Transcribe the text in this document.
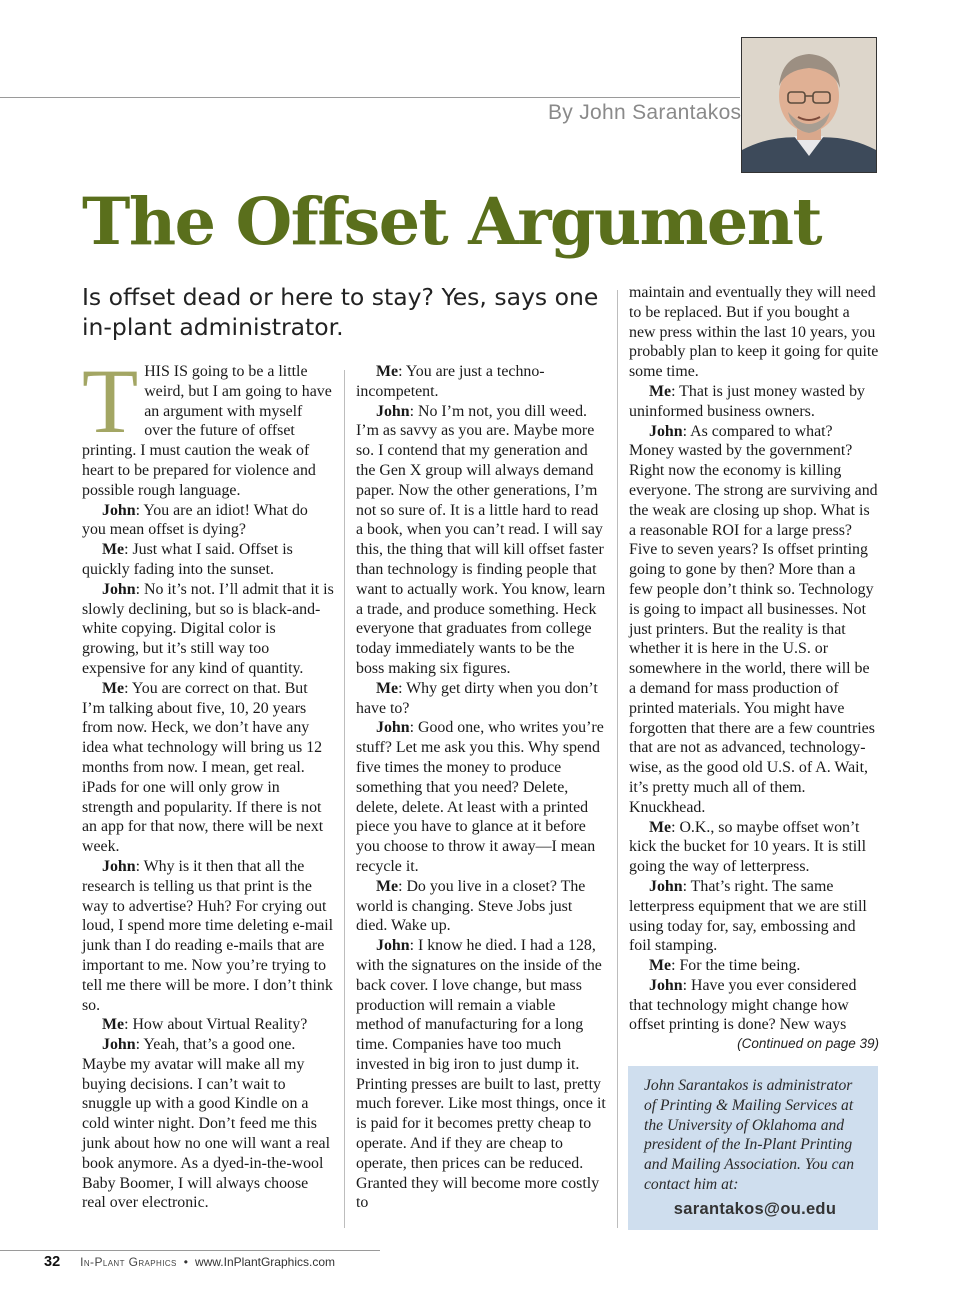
By John Sarantakos
The Offset Argument
Is offset dead or here to stay? Yes, says one in-plant administrator.

THIS IS going to be a little weird, but I am going to have an argument with myself over the future of offset printing. I must caution the weak of heart to be prepared for violence and possible rough language.

John: You are an idiot! What do you mean offset is dying?

Me: Just what I said. Offset is quickly fading into the sunset.

John: No it’s not. I’ll admit that it is slowly declining, but so is black-and-white copying. Digital color is growing, but it’s still way too expensive for any kind of quantity.

Me: You are correct on that. But I’m talking about five, 10, 20 years from now. Heck, we don’t have any idea what technology will bring us 12 months from now. I mean, get real. iPads for one will only grow in strength and popularity. If there is not an app for that now, there will be next week.

John: Why is it then that all the research is telling us that print is the way to advertise? Huh? For crying out loud, I spend more time deleting e-mail junk than I do reading e-mails that are important to me. Now you’re trying to tell me there will be more. I don’t think so.

Me: How about Virtual Reality?

John: Yeah, that’s a good one. Maybe my avatar will make all my buying decisions. I can’t wait to snuggle up with a good Kindle on a cold winter night. Don’t feed me this junk about how no one will want a real book anymore. As a dyed-in-the-wool Baby Boomer, I will always choose real over electronic.

Me: You are just a techno-incompetent.

John: No I’m not, you dill weed. I’m as savvy as you are. Maybe more so. I contend that my generation and the Gen X group will always demand paper. Now the other generations, I’m not so sure of. It is a little hard to read a book, when you can’t read. I will say this, the thing that will kill offset faster than technology is finding people that want to actually work. You know, learn a trade, and produce something. Heck everyone that graduates from college today immediately wants to be the boss making six figures.

Me: Why get dirty when you don’t have to?

John: Good one, who writes you’re stuff? Let me ask you this. Why spend five times the money to produce something that you need? Delete, delete, delete. At least with a printed piece you have to glance at it before you choose to throw it away—I mean recycle it.

Me: Do you live in a closet? The world is changing. Steve Jobs just died. Wake up.

John: I know he died. I had a 128, with the signatures on the inside of the back cover. I love change, but mass production will remain a viable method of manufacturing for a long time. Companies have too much invested in big iron to just dump it. Printing presses are built to last, pretty much forever. Like most things, once it is paid for it becomes pretty cheap to operate. And if they are cheap to operate, then prices can be reduced. Granted they will become more costly to

maintain and eventually they will need to be replaced. But if you bought a new press within the last 10 years, you probably plan to keep it going for quite some time.

Me: That is just money wasted by uninformed business owners.

John: As compared to what? Money wasted by the government? Right now the economy is killing everyone. The strong are surviving and the weak are closing up shop. What is a reasonable ROI for a large press? Five to seven years? Is offset printing going to gone by then? More than a few people don’t think so. Technology is going to impact all businesses. Not just printers. But the reality is that whether it is here in the U.S. or somewhere in the world, there will be a demand for mass production of printed materials. You might have forgotten that there are a few countries that are not as advanced, technology-wise, as the good old U.S. of A. Wait, it’s pretty much all of them. Knuckhead.

Me: O.K., so maybe offset won’t kick the bucket for 10 years. It is still going the way of letterpress.

John: That’s right. The same letterpress equipment that we are still using today for, say, embossing and foil stamping.

Me: For the time being.

John: Have you ever considered that technology might change how offset printing is done? New ways

(Continued on page 39)
John Sarantakos is administrator of Printing & Mailing Services at the University of Oklahoma and president of the In-Plant Printing and Mailing Association. You can contact him at:
sarantakos@ou.edu
32 In-Plant Graphics • www.InPlantGraphics.com
